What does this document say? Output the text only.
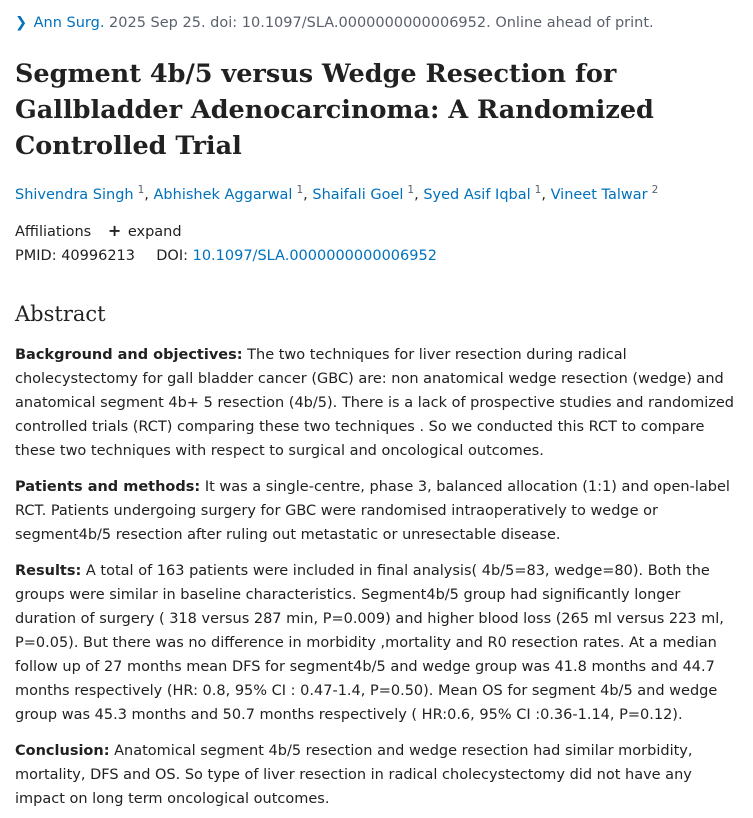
❯ Ann Surg. 2025 Sep 25. doi: 10.1097/SLA.0000000000006952. Online ahead of print.
Segment 4b/5 versus Wedge Resection for Gallbladder Adenocarcinoma: A Randomized Controlled Trial
Shivendra Singh $^1$, Abhishek Aggarwal $^1$, Shaifali Goel $^1$, Syed Asif Iqbal $^1$, Vineet Talwar $^2$
Affiliations + expand
PMID: 40996213 DOI: 10.1097/SLA.0000000000006952
Abstract

Background and objectives: The two techniques for liver resection during radical cholecystectomy for gall bladder cancer (GBC) are: non anatomical wedge resection (wedge) and anatomical segment 4b+ 5 resection (4b/5). There is a lack of prospective studies and randomized controlled trials (RCT) comparing these two techniques . So we conducted this RCT to compare these two techniques with respect to surgical and oncological outcomes.

Patients and methods: It was a single-centre, phase 3, balanced allocation (1:1) and open-label RCT. Patients undergoing surgery for GBC were randomised intraoperatively to wedge or segment4b/5 resection after ruling out metastatic or unresectable disease.

Results: A total of 163 patients were included in final analysis( 4b/5=83, wedge=80). Both the groups were similar in baseline characteristics. Segment4b/5 group had significantly longer duration of surgery ( 318 versus 287 min, P=0.009) and higher blood loss (265 ml versus 223 ml, P=0.05). But there was no difference in morbidity ,mortality and R0 resection rates. At a median follow up of 27 months mean DFS for segment4b/5 and wedge group was 41.8 months and 44.7 months respectively (HR: 0.8, 95% CI : 0.47-1.4, P=0.50). Mean OS for segment 4b/5 and wedge group was 45.3 months and 50.7 months respectively ( HR:0.6, 95% CI :0.36-1.14, P=0.12).

Conclusion: Anatomical segment 4b/5 resection and wedge resection had similar morbidity, mortality, DFS and OS. So type of liver resection in radical cholecystectomy did not have any impact on long term oncological outcomes.
